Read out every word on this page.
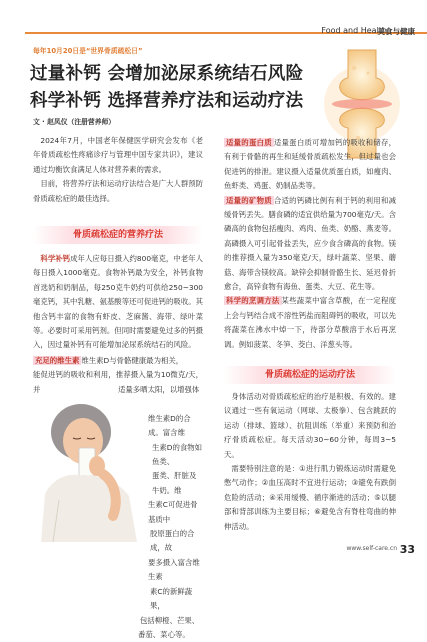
Food and Health
美食与健康
每年10月20日是“世界骨质疏松日”
过量补钙 会增加泌尿系统结石风险
科学补钙 选择营养疗法和运动疗法
文 · 赵凤仪（注册营养师）

2024年7月，中国老年保健医学研究会发布《老年骨质疏松性疼痛诊疗与管理中国专家共识》，建议通过均衡饮食满足人体对营养素的需求。

目前，将营养疗法和运动疗法结合是广大人群预防骨质疏松症的最佳选择。

骨质疏松症的营养疗法

科学补钙成年人应每日摄入约800毫克，中老年人每日摄入1000毫克。食物补钙最为安全，补钙食物首选奶和奶制品，每250克牛奶约可供给250~300毫克钙，其中乳糖、氨基酸等还可促进钙的吸收。其他含钙丰富的食物有虾皮、芝麻酱、海带、绿叶菜等。必要时可采用钙剂。但同时需要避免过多的钙摄入，因过量补钙有可能增加泌尿系统结石的风险。

充足的维生素 维生素D与骨骼健康最为相关，

能促进钙的吸收和利用，推荐摄入量为10微克/天，并	适量多晒太阳，以增强体
维生素D的合成。富含维
生素D的食物如鱼类、
蛋类、肝脏及牛奶。维
生素C可促进骨基质中
胶原蛋白的合成，故
要多摄入富含维生素
素C的新鲜蔬果，
包括柳橙、芒果、
番茄、菜心等。

适量的蛋白质 适量蛋白质可增加钙的吸收和储存，有利于骨骼的再生和延缓骨质疏松发生，但过量也会促进钙的排泄。建议摄入适量优质蛋白质，如瘦肉、鱼虾类、鸡蛋、奶制品类等。

适量的矿物质 合适的钙磷比例有利于钙的利用和减缓骨钙丢失。膳食磷的适宜供给量为700毫克/天。含磷高的食物包括瘦肉、鸡肉、鱼类、奶酪、燕麦等。高磷摄入可引起骨盐丢失，应少食含磷高的食物。镁的推荐摄入量为350毫克/天，绿叶蔬菜、坚果、蘑菇、海带含镁较高。缺锌会抑制骨骼生长、延迟骨折愈合，高锌食物有海鱼、蛋类、大豆、花生等。

科学的烹调方法 某些蔬菜中富含草酸，在一定程度上会与钙结合成不溶性钙盐而阻碍钙的吸收，可以先将蔬菜在沸水中焯一下，待部分草酸溶于水后再烹调。例如菠菜、冬笋、茭白、洋葱头等。

骨质疏松症的运动疗法

身体活动对骨质疏松症的治疗是积极、有效的。建议通过一些有氧运动（网球、太极拳）、包含跳跃的运动（排球、篮球）、抗阻训练（举重）来预防和治疗骨质疏松症。每天活动30~60分钟，每周3~5天。

需要特别注意的是：①进行肌力锻炼运动时需避免憋气动作；②血压高时不宜进行运动；③避免有跌倒危险的活动；④采用缓慢、循序渐进的活动；⑤以腿部和背部训练为主要目标；⑥避免含有脊柱弯曲的伸伸活动。

www.self-care.cn 33
